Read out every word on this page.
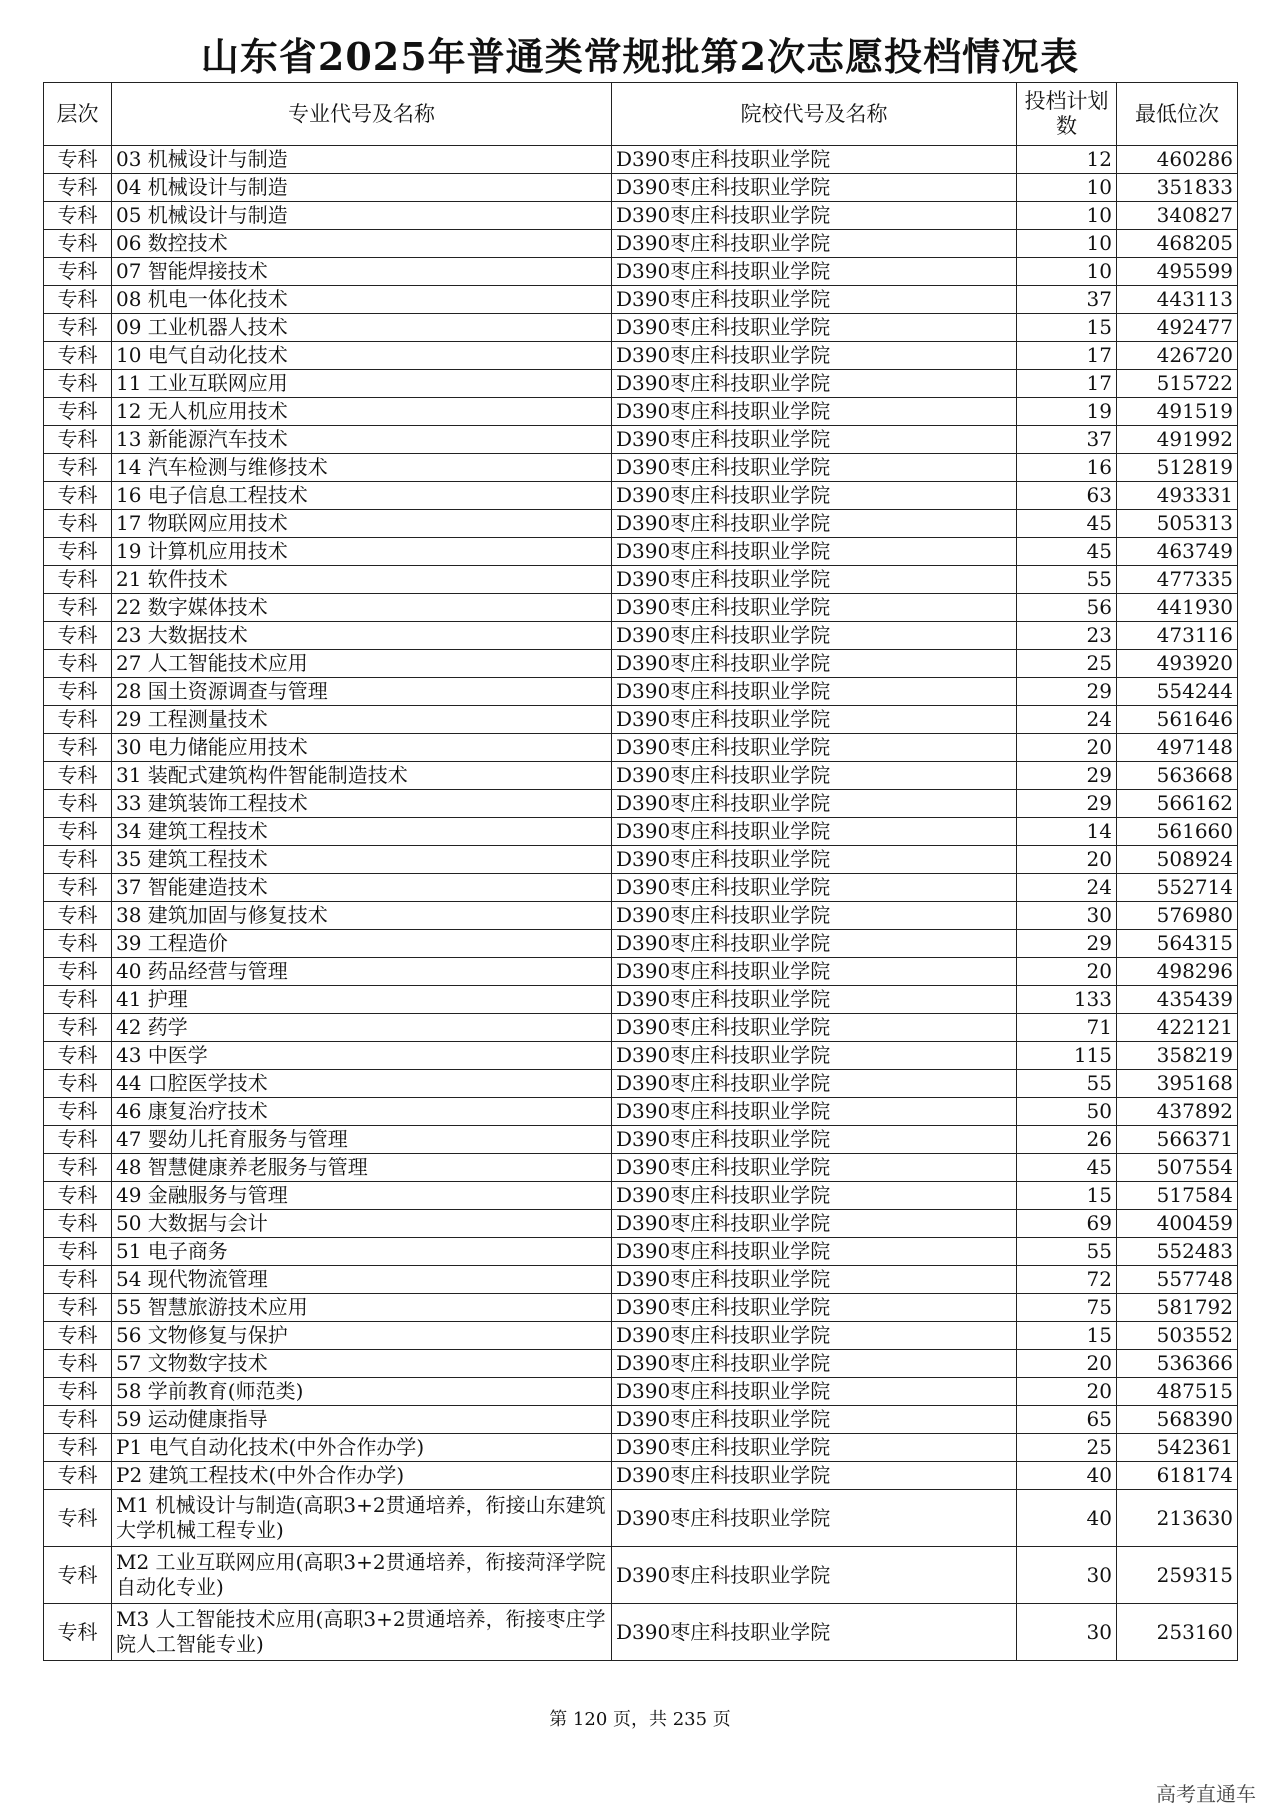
山东省2025年普通类常规批第2次志愿投档情况表
层次	专业代号及名称	院校代号及名称	投档计划数	最低位次
专科	03 机械设计与制造	D390枣庄科技职业学院	12	460286
专科	04 机械设计与制造	D390枣庄科技职业学院	10	351833
专科	05 机械设计与制造	D390枣庄科技职业学院	10	340827
专科	06 数控技术	D390枣庄科技职业学院	10	468205
专科	07 智能焊接技术	D390枣庄科技职业学院	10	495599
专科	08 机电一体化技术	D390枣庄科技职业学院	37	443113
专科	09 工业机器人技术	D390枣庄科技职业学院	15	492477
专科	10 电气自动化技术	D390枣庄科技职业学院	17	426720
专科	11 工业互联网应用	D390枣庄科技职业学院	17	515722
专科	12 无人机应用技术	D390枣庄科技职业学院	19	491519
专科	13 新能源汽车技术	D390枣庄科技职业学院	37	491992
专科	14 汽车检测与维修技术	D390枣庄科技职业学院	16	512819
专科	16 电子信息工程技术	D390枣庄科技职业学院	63	493331
专科	17 物联网应用技术	D390枣庄科技职业学院	45	505313
专科	19 计算机应用技术	D390枣庄科技职业学院	45	463749
专科	21 软件技术	D390枣庄科技职业学院	55	477335
专科	22 数字媒体技术	D390枣庄科技职业学院	56	441930
专科	23 大数据技术	D390枣庄科技职业学院	23	473116
专科	27 人工智能技术应用	D390枣庄科技职业学院	25	493920
专科	28 国土资源调查与管理	D390枣庄科技职业学院	29	554244
专科	29 工程测量技术	D390枣庄科技职业学院	24	561646
专科	30 电力储能应用技术	D390枣庄科技职业学院	20	497148
专科	31 装配式建筑构件智能制造技术	D390枣庄科技职业学院	29	563668
专科	33 建筑装饰工程技术	D390枣庄科技职业学院	29	566162
专科	34 建筑工程技术	D390枣庄科技职业学院	14	561660
专科	35 建筑工程技术	D390枣庄科技职业学院	20	508924
专科	37 智能建造技术	D390枣庄科技职业学院	24	552714
专科	38 建筑加固与修复技术	D390枣庄科技职业学院	30	576980
专科	39 工程造价	D390枣庄科技职业学院	29	564315
专科	40 药品经营与管理	D390枣庄科技职业学院	20	498296
专科	41 护理	D390枣庄科技职业学院	133	435439
专科	42 药学	D390枣庄科技职业学院	71	422121
专科	43 中医学	D390枣庄科技职业学院	115	358219
专科	44 口腔医学技术	D390枣庄科技职业学院	55	395168
专科	46 康复治疗技术	D390枣庄科技职业学院	50	437892
专科	47 婴幼儿托育服务与管理	D390枣庄科技职业学院	26	566371
专科	48 智慧健康养老服务与管理	D390枣庄科技职业学院	45	507554
专科	49 金融服务与管理	D390枣庄科技职业学院	15	517584
专科	50 大数据与会计	D390枣庄科技职业学院	69	400459
专科	51 电子商务	D390枣庄科技职业学院	55	552483
专科	54 现代物流管理	D390枣庄科技职业学院	72	557748
专科	55 智慧旅游技术应用	D390枣庄科技职业学院	75	581792
专科	56 文物修复与保护	D390枣庄科技职业学院	15	503552
专科	57 文物数字技术	D390枣庄科技职业学院	20	536366
专科	58 学前教育(师范类)	D390枣庄科技职业学院	20	487515
专科	59 运动健康指导	D390枣庄科技职业学院	65	568390
专科	P1 电气自动化技术(中外合作办学)	D390枣庄科技职业学院	25	542361
专科	P2 建筑工程技术(中外合作办学)	D390枣庄科技职业学院	40	618174
专科	M1 机械设计与制造(高职3+2贯通培养，衔接山东建筑大学机械工程专业)	D390枣庄科技职业学院	40	213630
专科	M2 工业互联网应用(高职3+2贯通培养，衔接菏泽学院自动化专业)	D390枣庄科技职业学院	30	259315
专科	M3 人工智能技术应用(高职3+2贯通培养，衔接枣庄学院人工智能专业)	D390枣庄科技职业学院	30	253160
第 120 页，共 235 页
高考直通车
